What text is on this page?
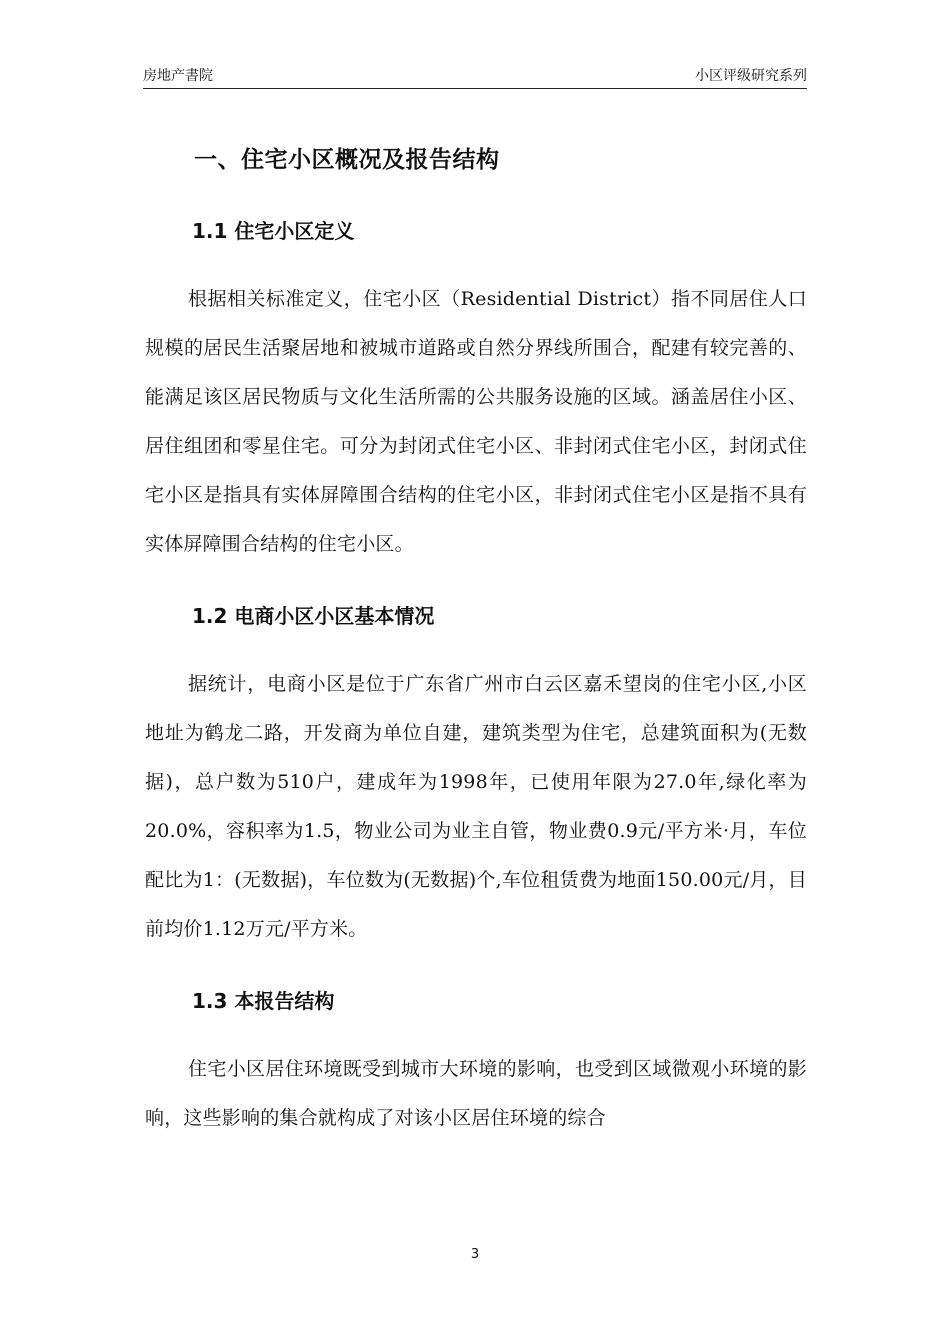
房地产書院	小区评级研究系列
一、住宅小区概况及报告结构
1.1 住宅小区定义

根据相关标准定义，住宅小区（Residential District）指不同居住人口规模的居民生活聚居地和被城市道路或自然分界线所围合，配建有较完善的、能满足该区居民物质与文化生活所需的公共服务设施的区域。涵盖居住小区、居住组团和零星住宅。可分为封闭式住宅小区、非封闭式住宅小区，封闭式住宅小区是指具有实体屏障围合结构的住宅小区，非封闭式住宅小区是指不具有实体屏障围合结构的住宅小区。

1.2 电商小区小区基本情况

据统计，电商小区是位于广东省广州市白云区嘉禾望岗的住宅小区,小区地址为鹤龙二路，开发商为单位自建，建筑类型为住宅，总建筑面积为(无数据)，总户数为510户，建成年为1998年，已使用年限为27.0年,绿化率为20.0%，容积率为1.5，物业公司为业主自管，物业费0.9元/平方米·月，车位配比为1：(无数据)，车位数为(无数据)个,车位租赁费为地面150.00元/月，目前均价1.12万元/平方米。

1.3 本报告结构

住宅小区居住环境既受到城市大环境的影响，也受到区域微观小环境的影响，这些影响的集合就构成了对该小区居住环境的综合

3
